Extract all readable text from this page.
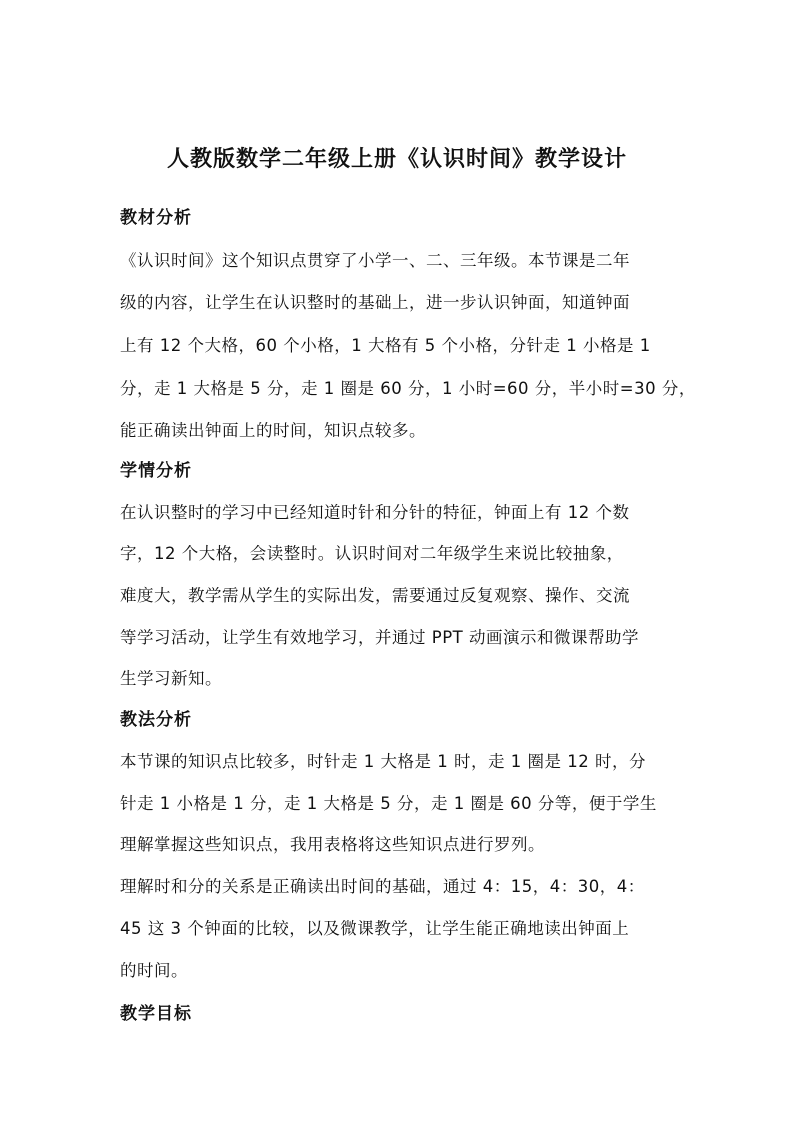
人教版数学二年级上册《认识时间》教学设计
教材分析
《认识时间》这个知识点贯穿了小学一、二、三年级。本节课是二年
级的内容，让学生在认识整时的基础上，进一步认识钟面，知道钟面
上有 12 个大格，60 个小格，1 大格有 5 个小格，分针走 1 小格是 1
分，走 1 大格是 5 分，走 1 圈是 60 分，1 小时=60 分，半小时=30 分，
能正确读出钟面上的时间，知识点较多。
学情分析
在认识整时的学习中已经知道时针和分针的特征，钟面上有 12 个数
字，12 个大格，会读整时。认识时间对二年级学生来说比较抽象，
难度大，教学需从学生的实际出发，需要通过反复观察、操作、交流
等学习活动，让学生有效地学习，并通过 PPT 动画演示和微课帮助学
生学习新知。
教法分析
本节课的知识点比较多，时针走 1 大格是 1 时，走 1 圈是 12 时，分
针走 1 小格是 1 分，走 1 大格是 5 分，走 1 圈是 60 分等，便于学生
理解掌握这些知识点，我用表格将这些知识点进行罗列。
理解时和分的关系是正确读出时间的基础，通过 4：15，4：30，4：
45 这 3 个钟面的比较，以及微课教学，让学生能正确地读出钟面上
的时间。
教学目标
